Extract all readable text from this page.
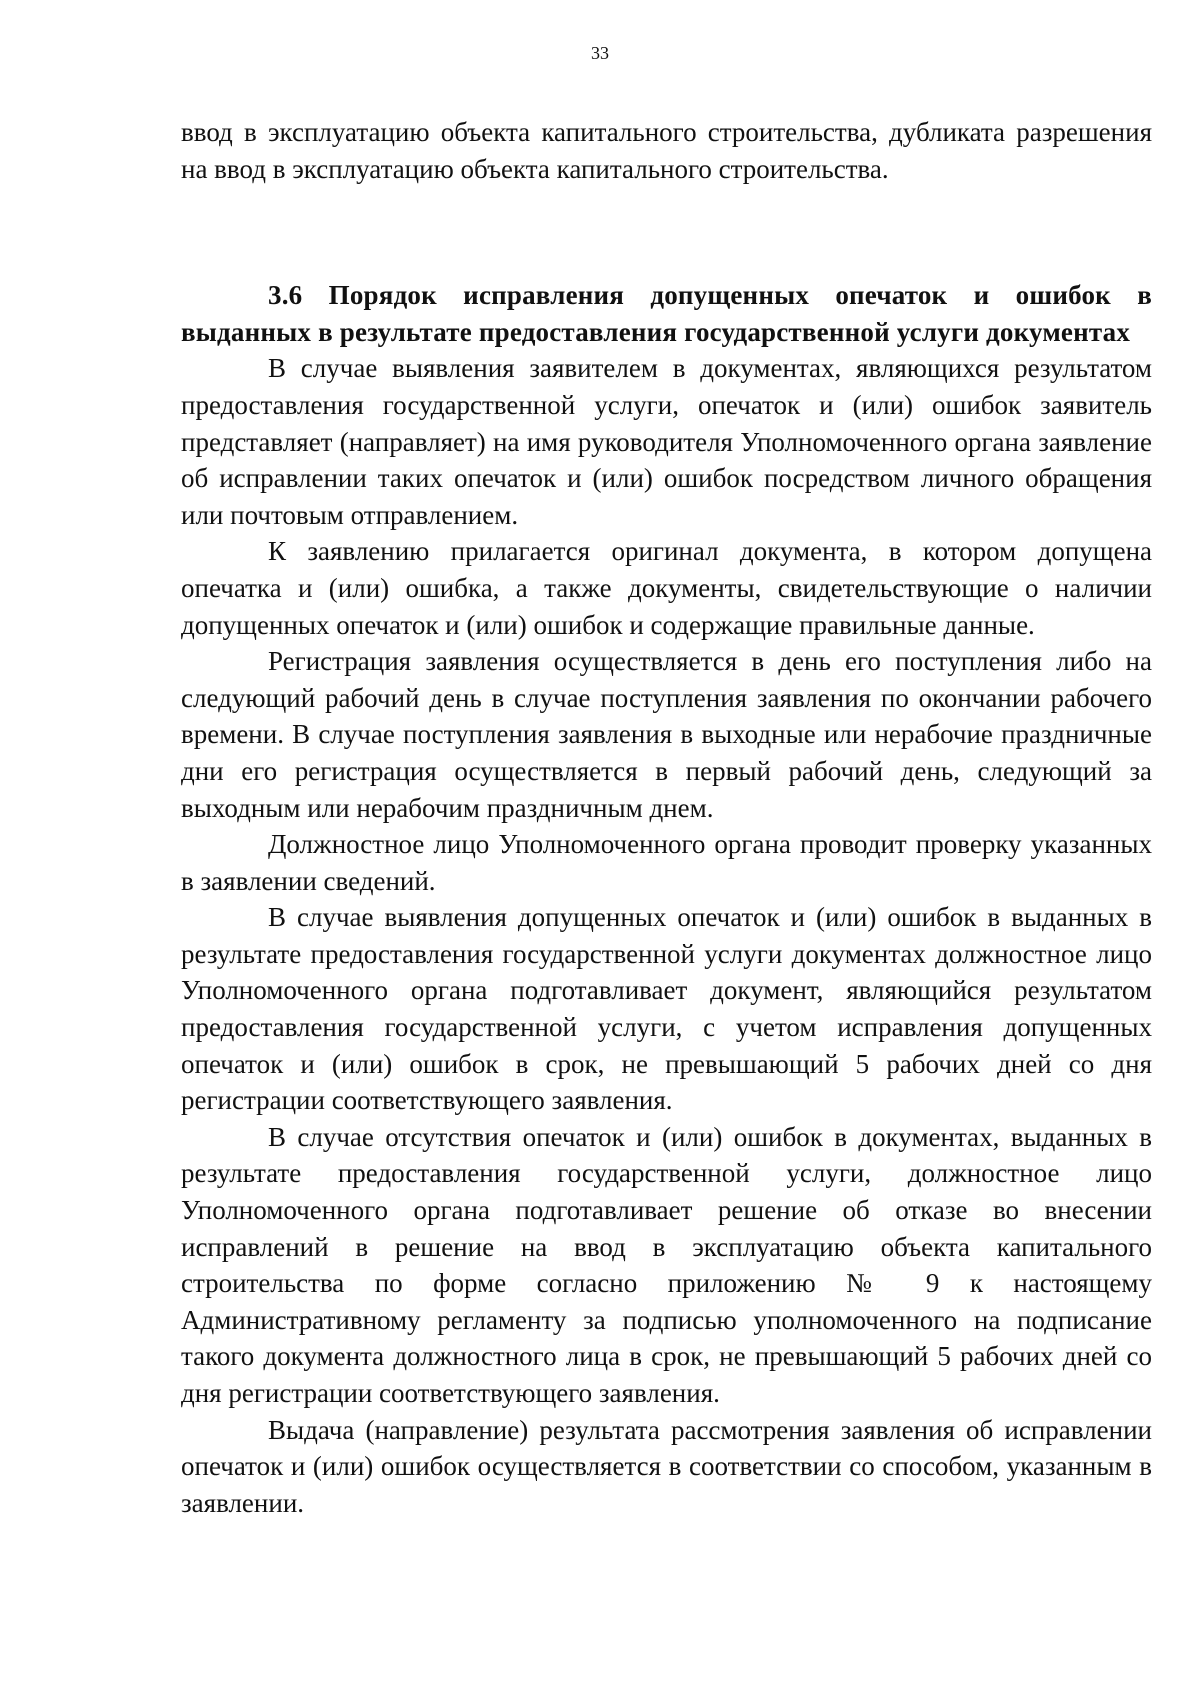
33

ввод в эксплуатацию объекта капитального строительства, дубликата разрешения на ввод в эксплуатацию объекта капитального строительства.

3.6 Порядок исправления допущенных опечаток и ошибок в выданных в результате предоставления государственной услуги документах

В случае выявления заявителем в документах, являющихся результатом предоставления государственной услуги, опечаток и (или) ошибок заявитель представляет (направляет) на имя руководителя Уполномоченного органа заявление об исправлении таких опечаток и (или) ошибок посредством личного обращения или почтовым отправлением.

К заявлению прилагается оригинал документа, в котором допущена опечатка и (или) ошибка, а также документы, свидетельствующие о наличии допущенных опечаток и (или) ошибок и содержащие правильные данные.

Регистрация заявления осуществляется в день его поступления либо на следующий рабочий день в случае поступления заявления по окончании рабочего времени. В случае поступления заявления в выходные или нерабочие праздничные дни его регистрация осуществляется в первый рабочий день, следующий за выходным или нерабочим праздничным днем.

Должностное лицо Уполномоченного органа проводит проверку указанных в заявлении сведений.

В случае выявления допущенных опечаток и (или) ошибок в выданных в результате предоставления государственной услуги документах должностное лицо Уполномоченного органа подготавливает документ, являющийся результатом предоставления государственной услуги, с учетом исправления допущенных опечаток и (или) ошибок в срок, не превышающий 5 рабочих дней со дня регистрации соответствующего заявления.

В случае отсутствия опечаток и (или) ошибок в документах, выданных в результате предоставления государственной услуги, должностное лицо Уполномоченного органа подготавливает решение об отказе во внесении исправлений в решение на ввод в эксплуатацию объекта капитального строительства по форме согласно приложению № 9 к настоящему Административному регламенту за подписью уполномоченного на подписание такого документа должностного лица в срок, не превышающий 5 рабочих дней со дня регистрации соответствующего заявления.

Выдача (направление) результата рассмотрения заявления об исправлении опечаток и (или) ошибок осуществляется в соответствии со способом, указанным в заявлении.
